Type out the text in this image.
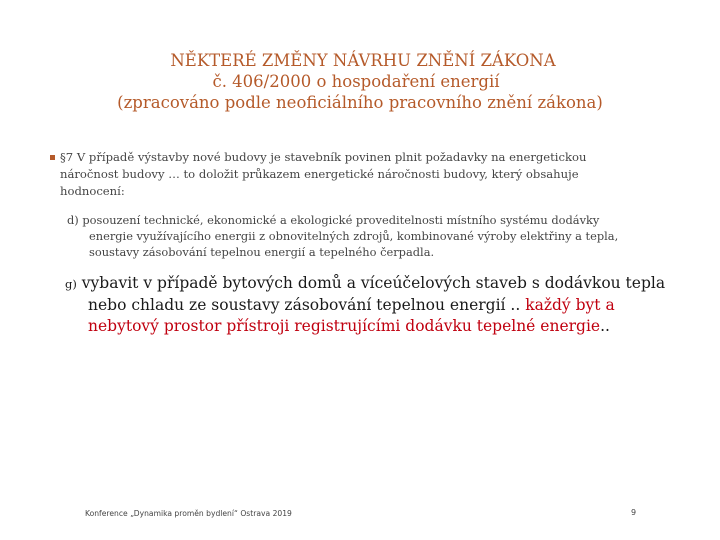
NĚKTERÉ ZMĚNY NÁVRHU ZNĚNÍ ZÁKONA
č. 406/2000 o hospodaření energií
(zpracováno podle neoficiálního pracovního znění zákona)
§7 V případě výstavby nové budovy je stavebník povinen plnit požadavky na energetickou
náročnost budovy … to doložit průkazem energetické náročnosti budovy, který obsahuje
hodnocení:
d) posouzení technické, ekonomické a ekologické proveditelnosti místního systému dodávky
energie využívajícího energii z obnovitelných zdrojů, kombinované výroby elektřiny a tepla,
soustavy zásobování tepelnou energií a tepelného čerpadla.
g) vybavit v případě bytových domů a víceúčelových staveb s dodávkou tepla
nebo chladu ze soustavy zásobování tepelnou energií .. každý byt a
nebytový prostor přístroji registrujícími dodávku tepelné energie..
Konference „Dynamika proměn bydlení“ Ostrava 2019	9
